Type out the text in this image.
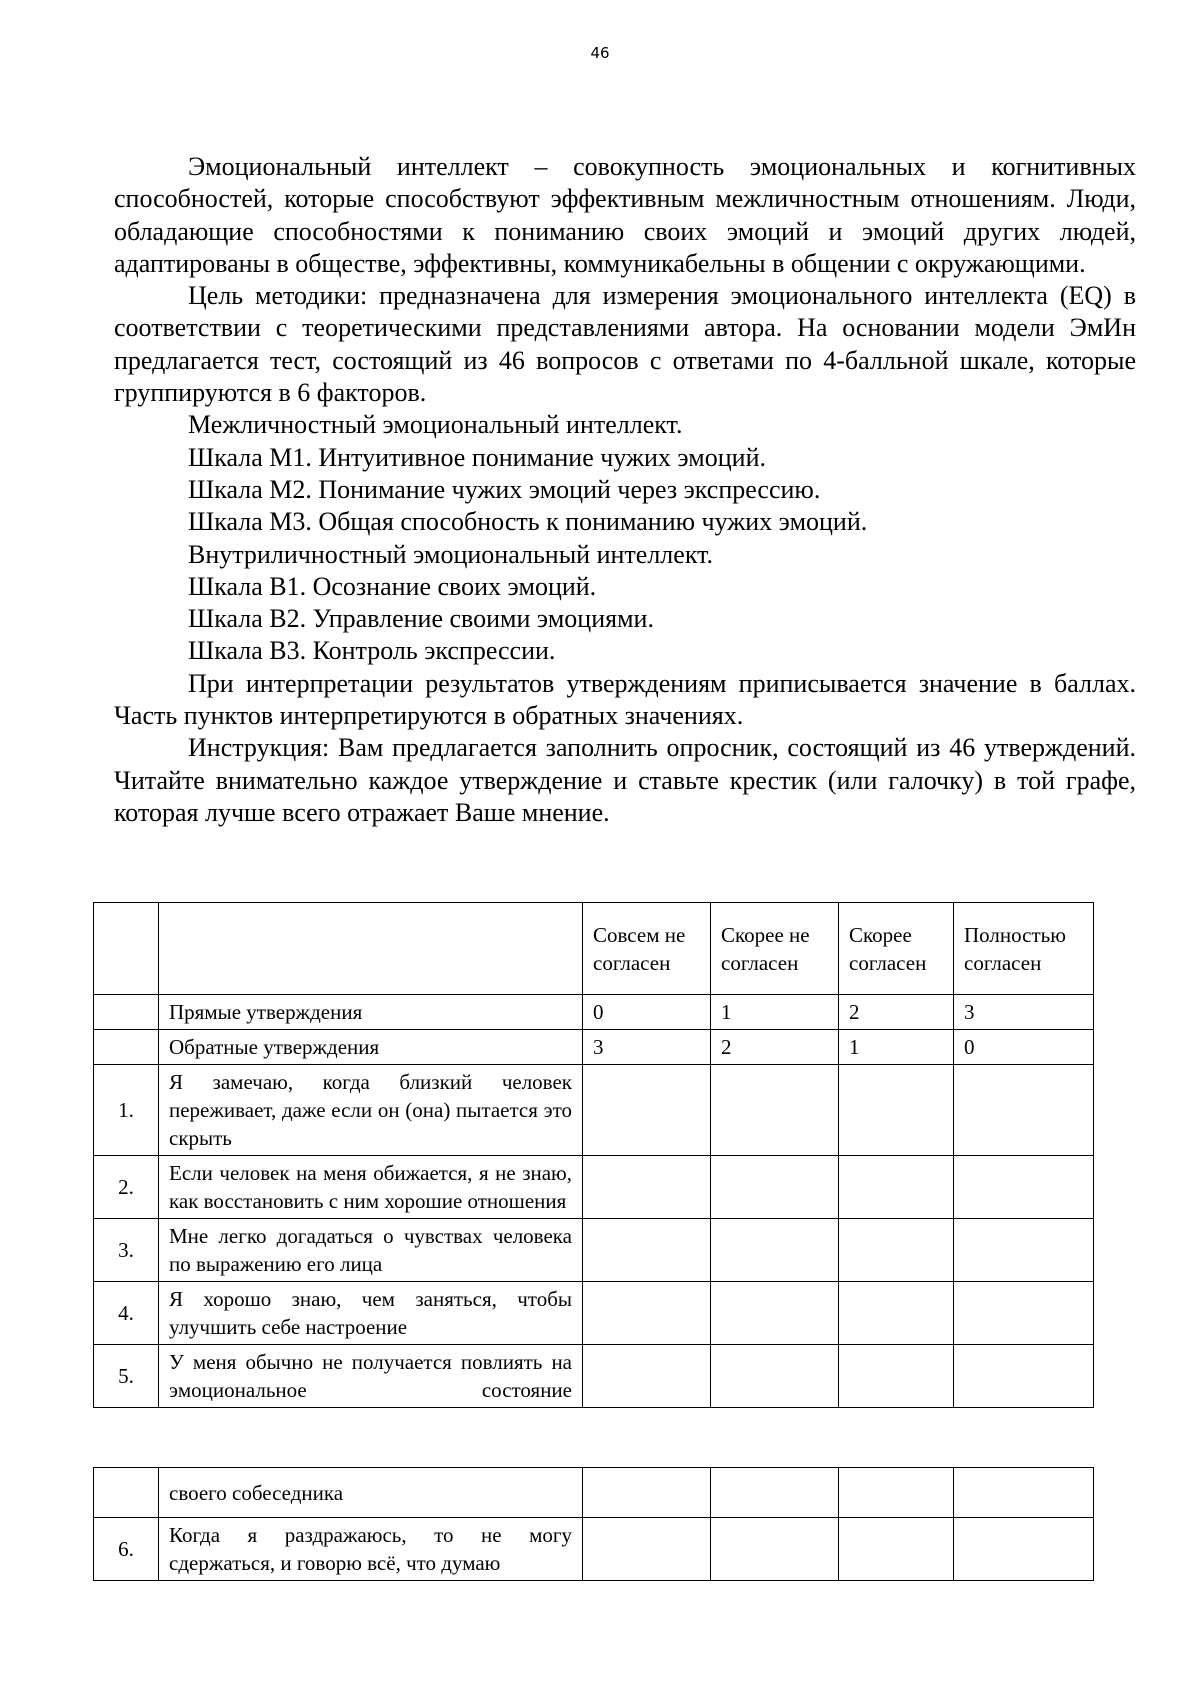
46

Эмоциональный интеллект – совокупность эмоциональных и когнитивных способностей, которые способствуют эффективным межличностным отношениям. Люди, обладающие способностями к пониманию своих эмоций и эмоций других людей, адаптированы в обществе, эффективны, коммуникабельны в общении с окружающими.

Цель методики: предназначена для измерения эмоционального интеллекта (EQ) в соответствии с теоретическими представлениями автора. На основании модели ЭмИн предлагается тест, состоящий из 46 вопросов с ответами по 4-балльной шкале, которые группируются в 6 факторов.

Межличностный эмоциональный интеллект.

Шкала М1. Интуитивное понимание чужих эмоций.

Шкала М2. Понимание чужих эмоций через экспрессию.

Шкала М3. Общая способность к пониманию чужих эмоций.

Внутриличностный эмоциональный интеллект.

Шкала В1. Осознание своих эмоций.

Шкала В2. Управление своими эмоциями.

Шкала В3. Контроль экспрессии.

При интерпретации результатов утверждениям приписывается значение в баллах. Часть пунктов интерпретируются в обратных значениях.

Инструкция: Вам предлагается заполнить опросник, состоящий из 46 утверждений. Читайте внимательно каждое утверждение и ставьте крестик (или галочку) в той графе, которая лучше всего отражает Ваше мнение.

		Совсем не согласен	Скорее не согласен	Скорее согласен	Полностью согласен
	Прямые утверждения	0	1	2	3
	Обратные утверждения	3	2	1	0
1.	Я замечаю, когда близкий человек переживает, даже если он (она) пытается это скрыть				
2.	Если человек на меня обижается, я не знаю, как восстановить с ним хорошие отношения				
3.	Мне легко догадаться о чувствах человека по выражению его лица				
4.	Я хорошо знаю, чем заняться, чтобы улучшить себе настроение				
5.	У меня обычно не получается повлиять на эмоциональное состояние				
	своего собеседника				
6.	Когда я раздражаюсь, то не могу сдержаться, и говорю всё, что думаю				
